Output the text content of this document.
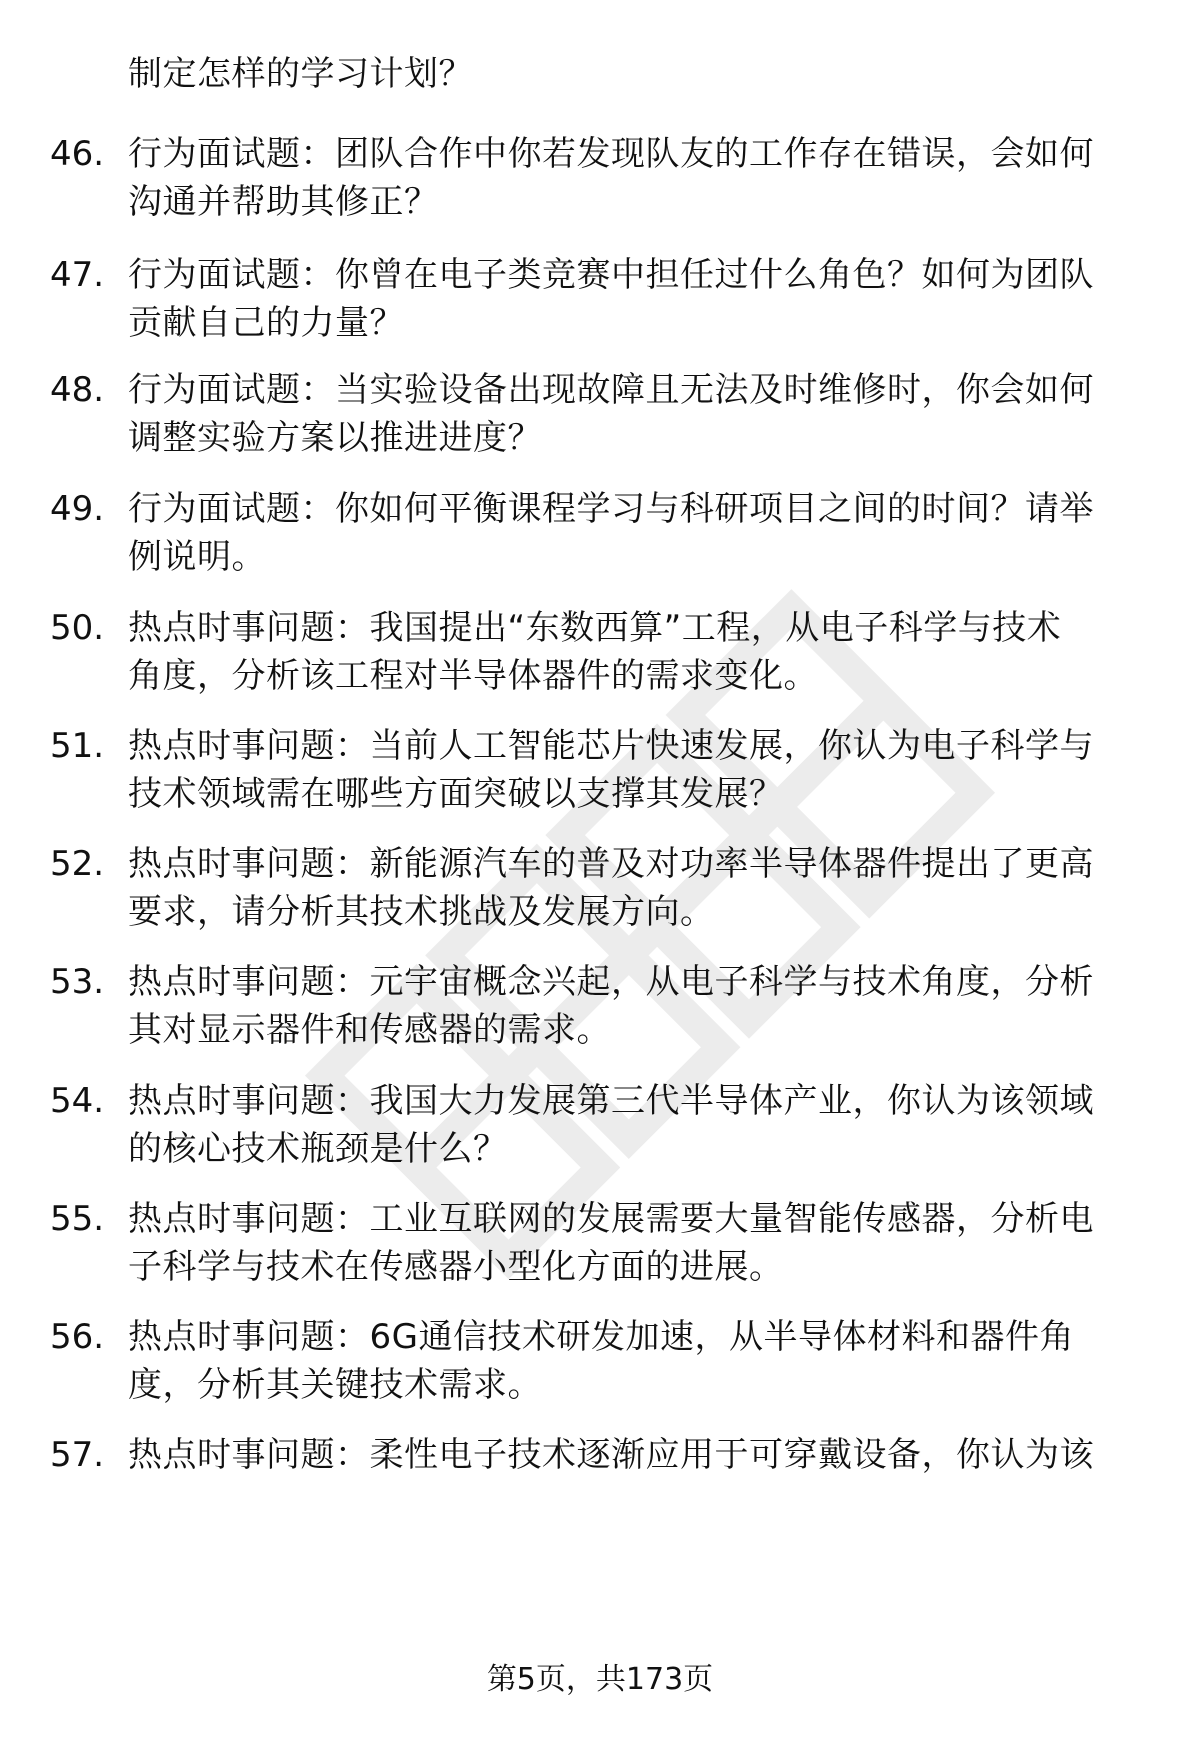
制定怎样的学习计划？
46. 行为面试题：团队合作中你若发现队友的工作存在错误，会如何
沟通并帮助其修正？
47. 行为面试题：你曾在电子类竞赛中担任过什么角色？如何为团队
贡献自己的力量？
48. 行为面试题：当实验设备出现故障且无法及时维修时，你会如何
调整实验方案以推进进度？
49. 行为面试题：你如何平衡课程学习与科研项目之间的时间？请举
例说明。
50. 热点时事问题：我国提出“东数西算”工程，从电子科学与技术
角度，分析该工程对半导体器件的需求变化。
51. 热点时事问题：当前人工智能芯片快速发展，你认为电子科学与
技术领域需在哪些方面突破以支撑其发展？
52. 热点时事问题：新能源汽车的普及对功率半导体器件提出了更高
要求，请分析其技术挑战及发展方向。
53. 热点时事问题：元宇宙概念兴起，从电子科学与技术角度，分析
其对显示器件和传感器的需求。
54. 热点时事问题：我国大力发展第三代半导体产业，你认为该领域
的核心技术瓶颈是什么？
55. 热点时事问题：工业互联网的发展需要大量智能传感器，分析电
子科学与技术在传感器小型化方面的进展。
56. 热点时事问题：6G通信技术研发加速，从半导体材料和器件角
度，分析其关键技术需求。
57. 热点时事问题：柔性电子技术逐渐应用于可穿戴设备，你认为该
第5页，共173页
